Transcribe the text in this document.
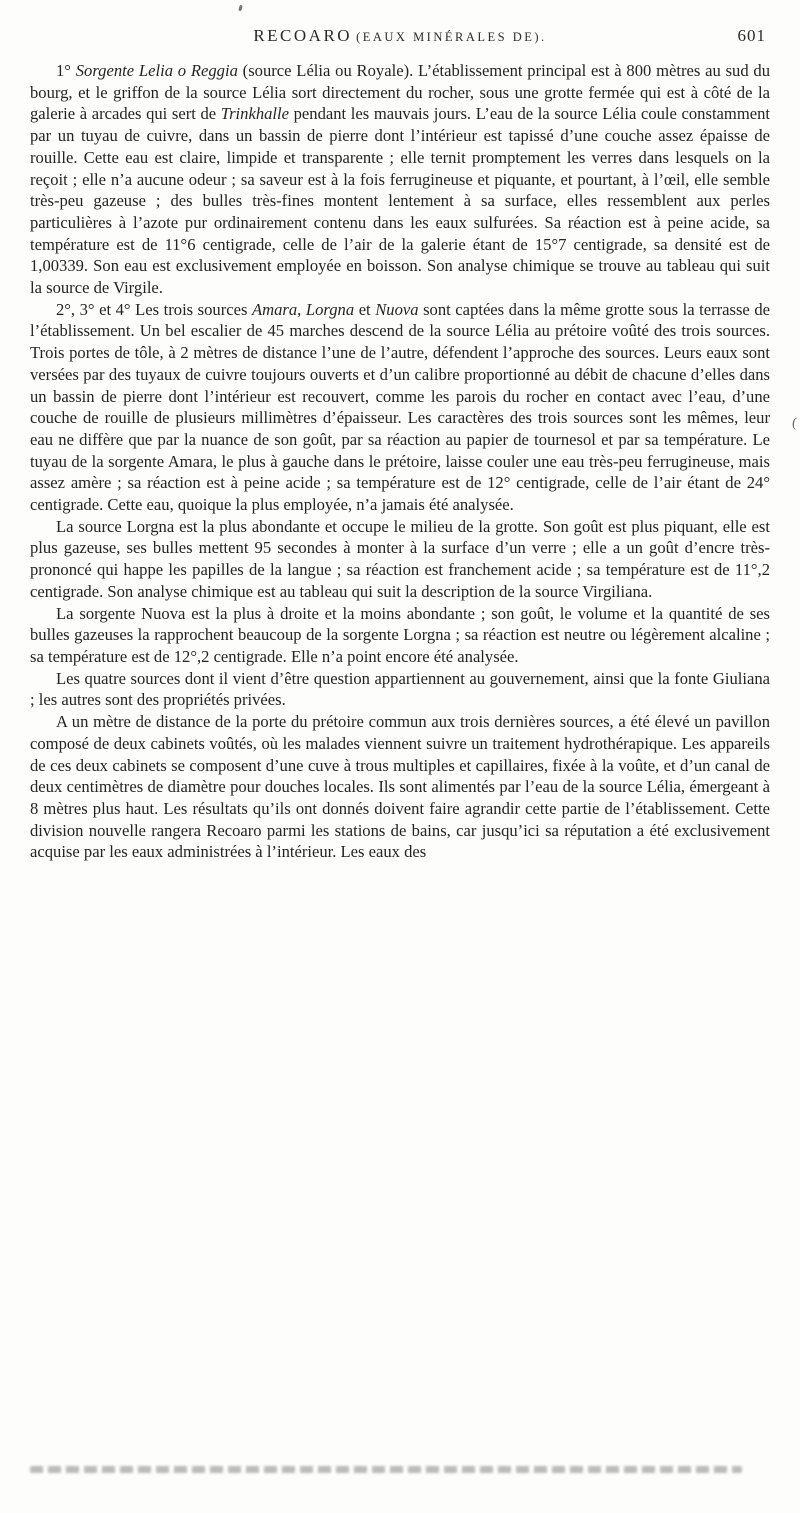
RECOARO (EAUX MINÉRALES DE).	601

1° Sorgente Lelia o Reggia (source Lélia ou Royale). L’établissement principal est à 800 mètres au sud du bourg, et le griffon de la source Lélia sort directement du rocher, sous une grotte fermée qui est à côté de la galerie à arcades qui sert de Trinkhalle pendant les mauvais jours. L’eau de la source Lélia coule constamment par un tuyau de cuivre, dans un bassin de pierre dont l’intérieur est tapissé d’une couche assez épaisse de rouille. Cette eau est claire, limpide et transparente ; elle ternit promptement les verres dans lesquels on la reçoit ; elle n’a aucune odeur ; sa saveur est à la fois ferrugineuse et piquante, et pourtant, à l’œil, elle semble très-peu gazeuse ; des bulles très-fines montent lentement à sa surface, elles ressemblent aux perles particulières à l’azote pur ordinairement contenu dans les eaux sulfurées. Sa réaction est à peine acide, sa température est de 11°6 centigrade, celle de l’air de la galerie étant de 15°7 centigrade, sa densité est de 1,00339. Son eau est exclusivement employée en boisson. Son analyse chimique se trouve au tableau qui suit la source de Virgile.

2°, 3° et 4° Les trois sources Amara, Lorgna et Nuova sont captées dans la même grotte sous la terrasse de l’établissement. Un bel escalier de 45 marches descend de la source Lélia au prétoire voûté des trois sources. Trois portes de tôle, à 2 mètres de distance l’une de l’autre, défendent l’approche des sources. Leurs eaux sont versées par des tuyaux de cuivre toujours ouverts et d’un calibre proportionné au débit de chacune d’elles dans un bassin de pierre dont l’intérieur est recouvert, comme les parois du rocher en contact avec l’eau, d’une couche de rouille de plusieurs millimètres d’épaisseur. Les caractères des trois sources sont les mêmes, leur eau ne diffère que par la nuance de son goût, par sa réaction au papier de tournesol et par sa température. Le tuyau de la sorgente Amara, le plus à gauche dans le prétoire, laisse couler une eau très-peu ferrugineuse, mais assez amère ; sa réaction est à peine acide ; sa température est de 12° centigrade, celle de l’air étant de 24° centigrade. Cette eau, quoique la plus employée, n’a jamais été analysée.

La source Lorgna est la plus abondante et occupe le milieu de la grotte. Son goût est plus piquant, elle est plus gazeuse, ses bulles mettent 95 secondes à monter à la surface d’un verre ; elle a un goût d’encre très-prononcé qui happe les papilles de la langue ; sa réaction est franchement acide ; sa température est de 11°,2 centigrade. Son analyse chimique est au tableau qui suit la description de la source Virgiliana.

La sorgente Nuova est la plus à droite et la moins abondante ; son goût, le volume et la quantité de ses bulles gazeuses la rapprochent beaucoup de la sorgente Lorgna ; sa réaction est neutre ou légèrement alcaline ; sa température est de 12°,2 centigrade. Elle n’a point encore été analysée.

Les quatre sources dont il vient d’être question appartiennent au gouvernement, ainsi que la fonte Giuliana ; les autres sont des propriétés privées.

A un mètre de distance de la porte du prétoire commun aux trois dernières sources, a été élevé un pavillon composé de deux cabinets voûtés, où les malades viennent suivre un traitement hydrothérapique. Les appareils de ces deux cabinets se composent d’une cuve à trous multiples et capillaires, fixée à la voûte, et d’un canal de deux centimètres de diamètre pour douches locales. Ils sont alimentés par l’eau de la source Lélia, émergeant à 8 mètres plus haut. Les résultats qu’ils ont donnés doivent faire agrandir cette partie de l’établissement. Cette division nouvelle rangera Recoaro parmi les stations de bains, car jusqu’ici sa réputation a été exclusivement acquise par les eaux administrées à l’intérieur. Les eaux des

(
